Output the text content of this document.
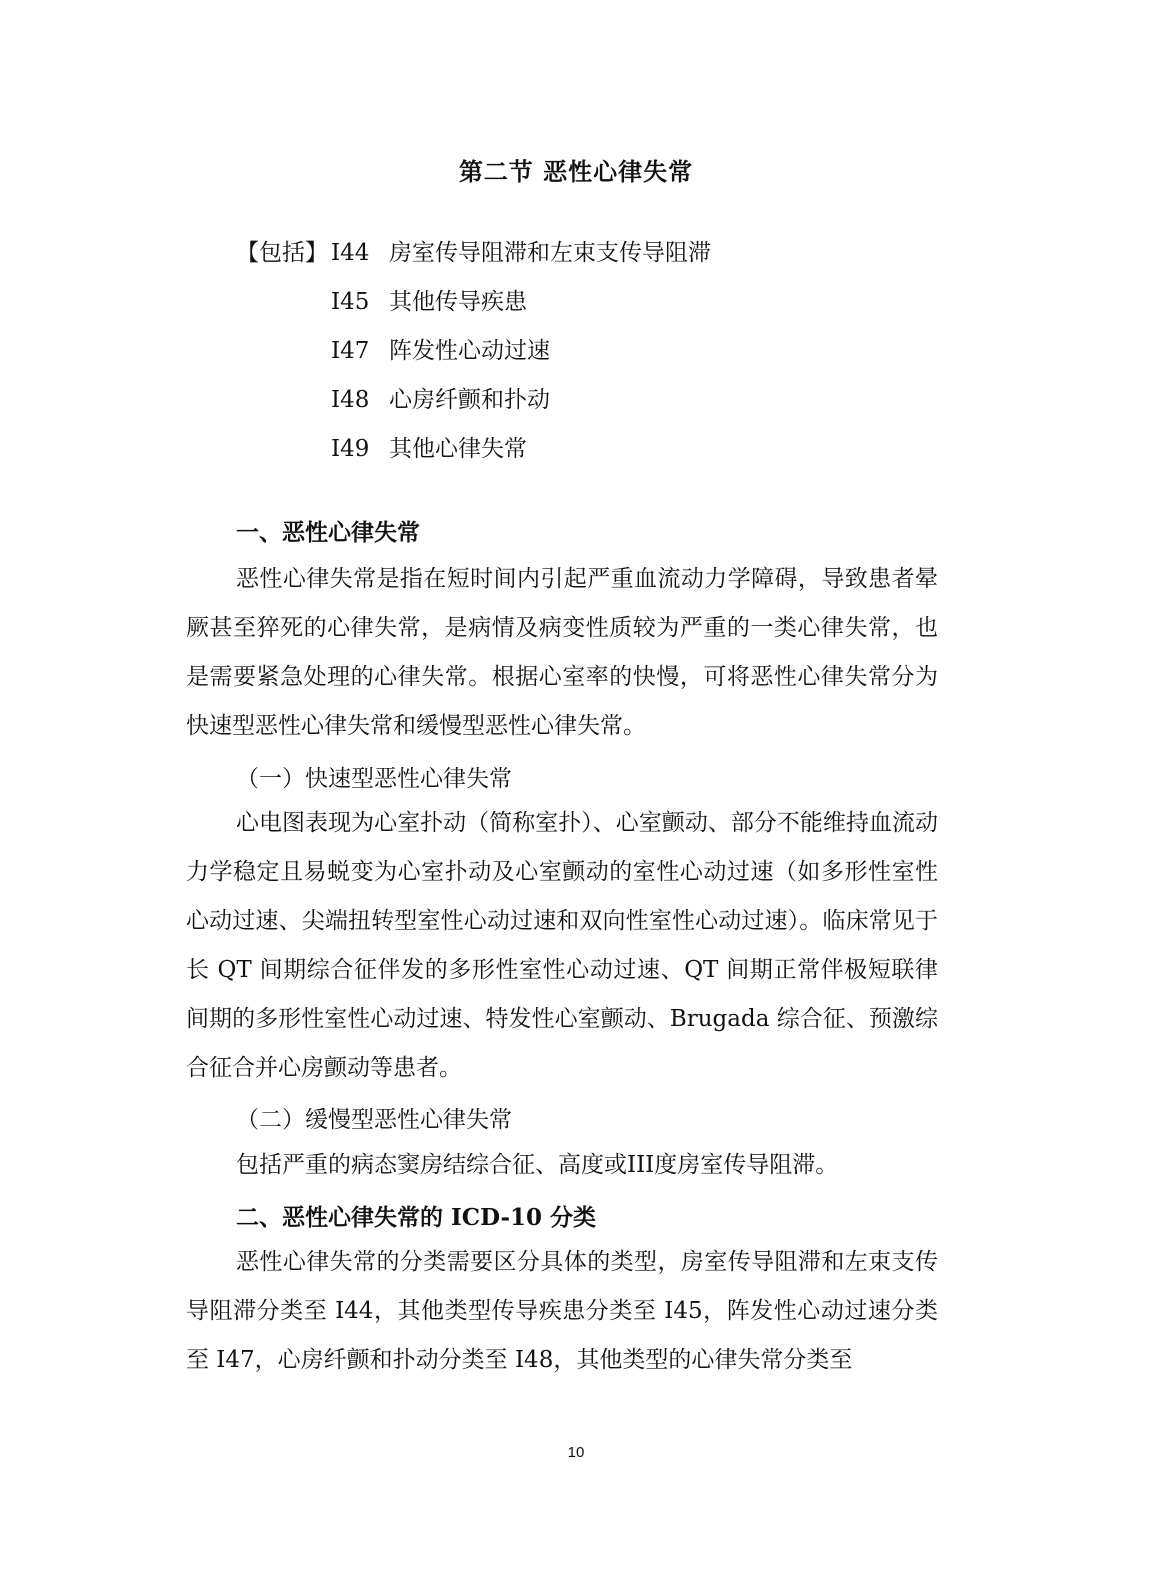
第二节 恶性心律失常
【包括】 I44 房室传导阻滞和左束支传导阻滞
I45 其他传导疾患
I47 阵发性心动过速
I48 心房纤颤和扑动
I49 其他心律失常
一、恶性心律失常

恶性心律失常是指在短时间内引起严重血流动力学障碍，导致患者晕厥甚至猝死的心律失常，是病情及病变性质较为严重的一类心律失常，也是需要紧急处理的心律失常。根据心室率的快慢，可将恶性心律失常分为快速型恶性心律失常和缓慢型恶性心律失常。

（一）快速型恶性心律失常

心电图表现为心室扑动（简称室扑）、心室颤动、部分不能维持血流动力学稳定且易蜕变为心室扑动及心室颤动的室性心动过速（如多形性室性心动过速、尖端扭转型室性心动过速和双向性室性心动过速）。临床常见于长 QT 间期综合征伴发的多形性室性心动过速、QT 间期正常伴极短联律间期的多形性室性心动过速、特发性心室颤动、Brugada 综合征、预激综合征合并心房颤动等患者。

（二）缓慢型恶性心律失常

包括严重的病态窦房结综合征、高度或III度房室传导阻滞。

二、恶性心律失常的 ICD-10 分类

恶性心律失常的分类需要区分具体的类型，房室传导阻滞和左束支传导阻滞分类至 I44，其他类型传导疾患分类至 I45，阵发性心动过速分类至 I47，心房纤颤和扑动分类至 I48，其他类型的心律失常分类至

10
